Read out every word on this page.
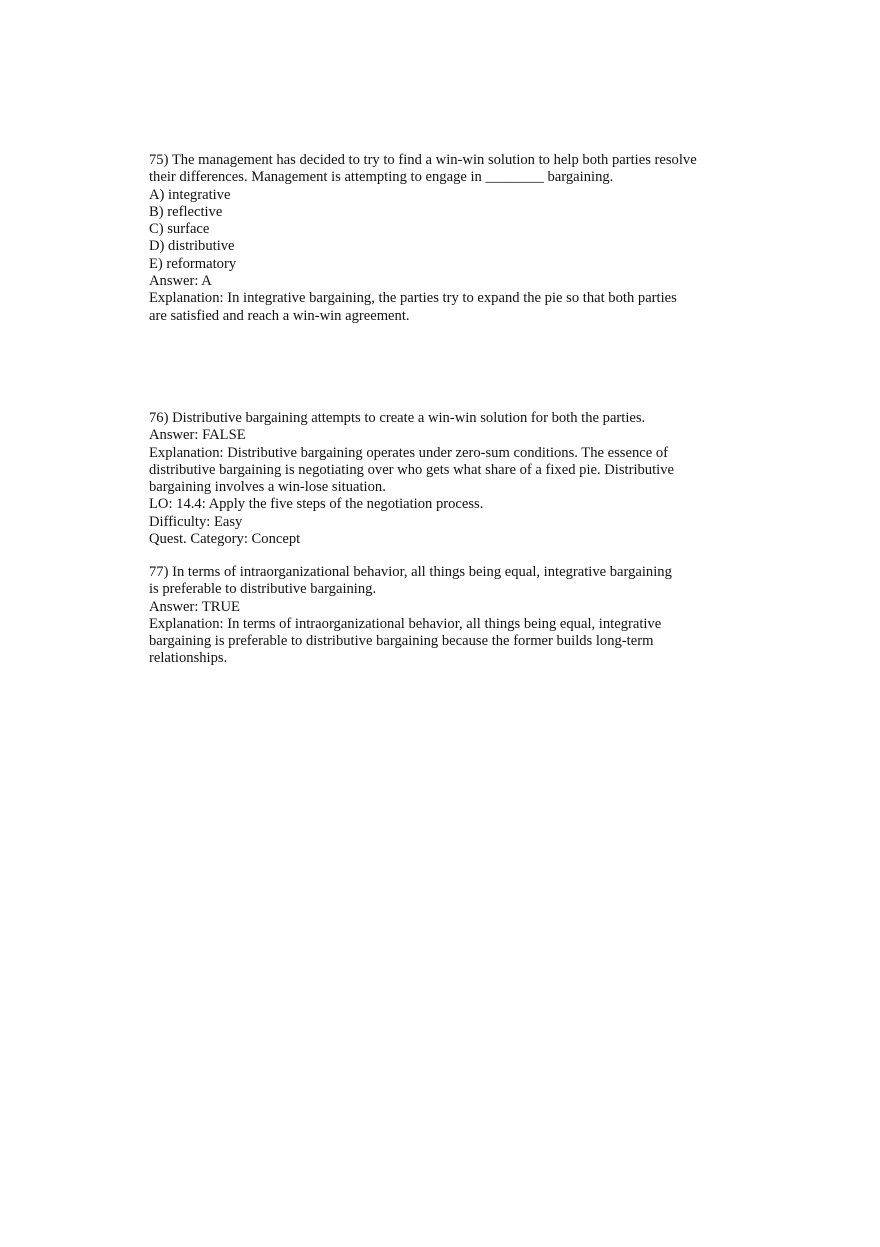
75) The management has decided to try to find a win-win solution to help both parties resolve
their differences. Management is attempting to engage in ________ bargaining.
A) integrative
B) reflective
C) surface
D) distributive
E) reformatory
Answer: A
Explanation: In integrative bargaining, the parties try to expand the pie so that both parties
are satisfied and reach a win-win agreement.
76) Distributive bargaining attempts to create a win-win solution for both the parties.
Answer: FALSE
Explanation: Distributive bargaining operates under zero-sum conditions. The essence of
distributive bargaining is negotiating over who gets what share of a fixed pie. Distributive
bargaining involves a win-lose situation.
LO: 14.4: Apply the five steps of the negotiation process.
Difficulty: Easy
Quest. Category: Concept
77) In terms of intraorganizational behavior, all things being equal, integrative bargaining
is preferable to distributive bargaining.
Answer: TRUE
Explanation: In terms of intraorganizational behavior, all things being equal, integrative
bargaining is preferable to distributive bargaining because the former builds long-term
relationships.
